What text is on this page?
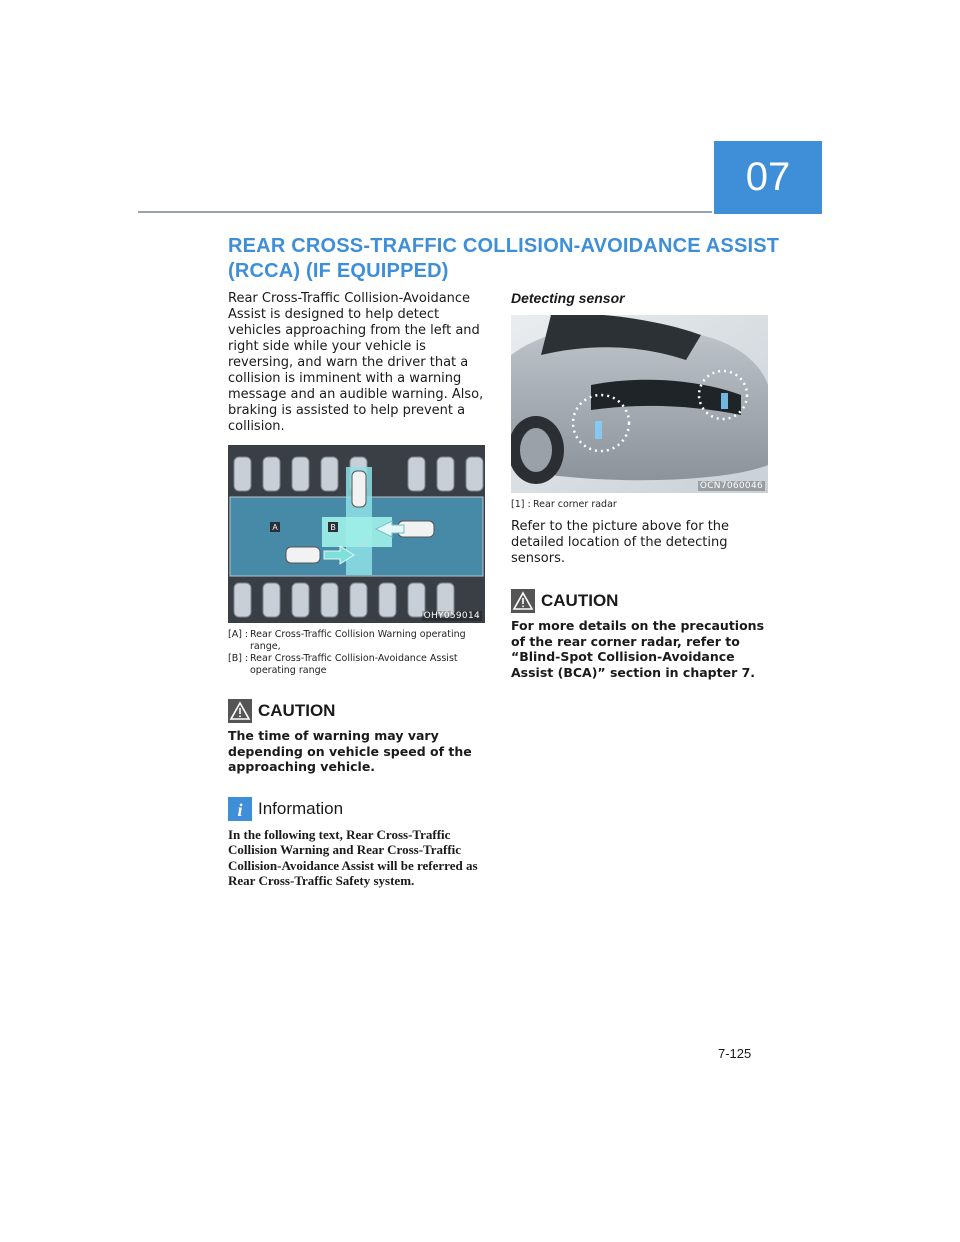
07
REAR CROSS-TRAFFIC COLLISION-AVOIDANCE ASSIST
(RCCA) (IF EQUIPPED)

Rear Cross-Traffic Collision-Avoidance Assist is designed to help detect vehicles approaching from the left and right side while your vehicle is reversing, and warn the driver that a collision is imminent with a warning message and an audible warning. Also, braking is assisted to help prevent a collision.

A	B
OHY059014
[A] : Rear Cross-Traffic Collision Warning operating range,
[B] : Rear Cross-Traffic Collision-Avoidance Assist operating range
CAUTION

The time of warning may vary depending on vehicle speed of the approaching vehicle.

i Information

In the following text, Rear Cross-Traffic Collision Warning and Rear Cross-Traffic Collision-Avoidance Assist will be referred as Rear Cross-Traffic Safety system.

Detecting sensor

OCN7060046
[1] : Rear corner radar

Refer to the picture above for the detailed location of the detecting sensors.

CAUTION

For more details on the precautions of the rear corner radar, refer to “Blind-Spot Collision-Avoidance Assist (BCA)” section in chapter 7.

7-125
